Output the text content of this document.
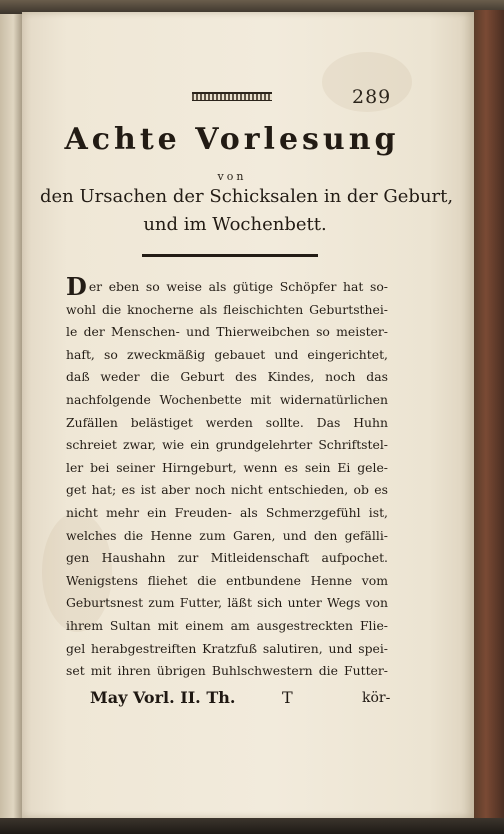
289
Achte Vorlesung
von
den Ursachen der Schicksalen in der Geburt,
und im Wochenbett.
D er eben so weise als gütige Schöpfer hat so-
wohl die knocherne als fleischichten Geburtsthei-
le der Menschen- und Thierweibchen so meister-
haft, so zweckmäßig gebauet und eingerichtet,
daß weder die Geburt des Kindes, noch das
nachfolgende Wochenbette mit widernatürlichen
Zufällen belästiget werden sollte. Das Huhn
schreiet zwar, wie ein grundgelehrter Schriftstel-
ler bei seiner Hirngeburt, wenn es sein Ei gele-
get hat; es ist aber noch nicht entschieden, ob es
nicht mehr ein Freuden- als Schmerzgefühl ist,
welches die Henne zum Garen, und den gefälli-
gen Haushahn zur Mitleidenschaft aufpochet.
Wenigstens fliehet die entbundene Henne vom
Geburtsnest zum Futter, läßt sich unter Wegs von
ihrem Sultan mit einem am ausgestreckten Flie-
gel herabgestreiften Kratzfuß salutiren, und spei-
set mit ihren übrigen Buhlschwestern die Futter-
May Vorl. II. Th.	T	kör-
